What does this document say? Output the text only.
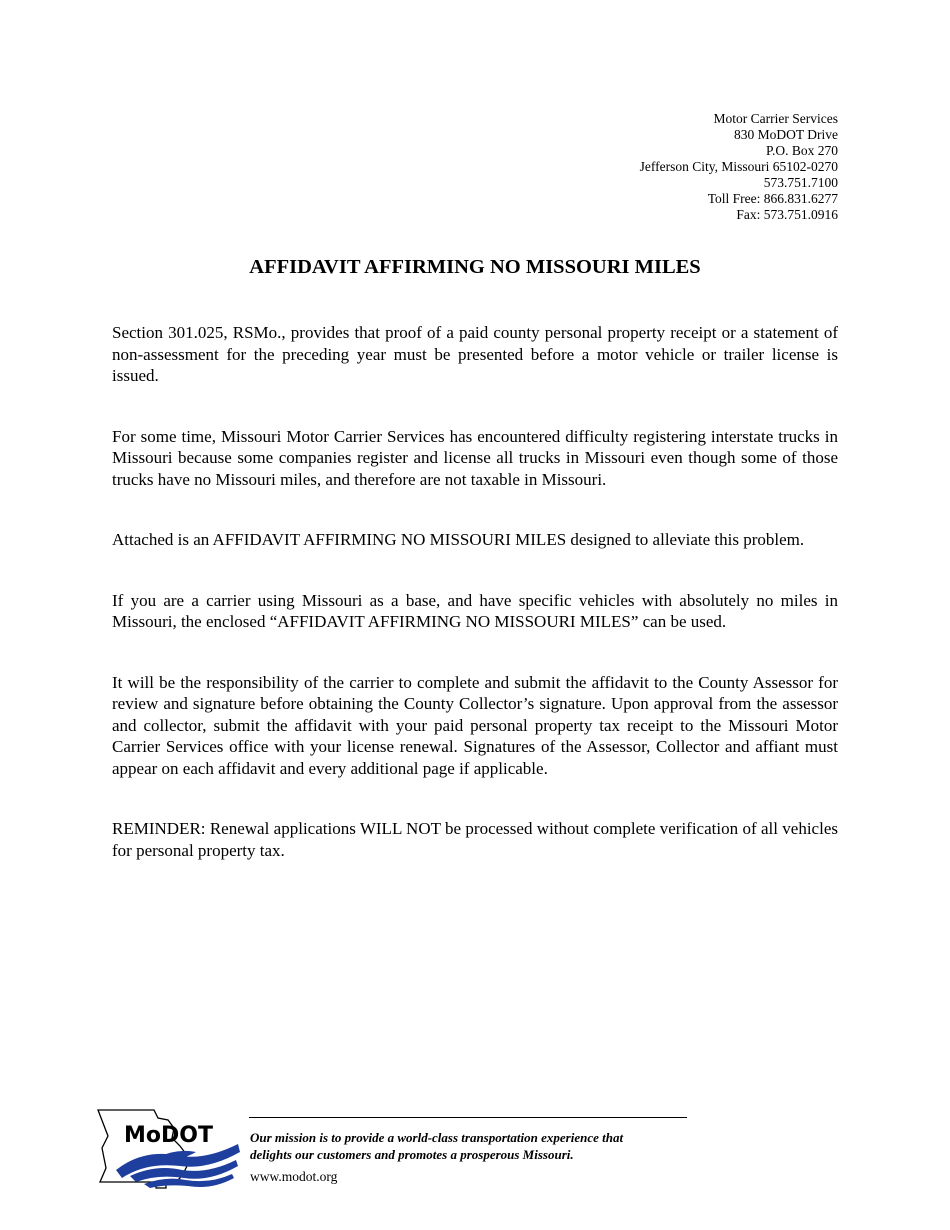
Motor Carrier Services
830 MoDOT Drive
P.O. Box 270
Jefferson City, Missouri 65102-0270
573.751.7100
Toll Free: 866.831.6277
Fax: 573.751.0916
AFFIDAVIT AFFIRMING NO MISSOURI MILES

Section 301.025, RSMo., provides that proof of a paid county personal property receipt or a statement of non-assessment for the preceding year must be presented before a motor vehicle or trailer license is issued.

For some time, Missouri Motor Carrier Services has encountered difficulty registering interstate trucks in Missouri because some companies register and license all trucks in Missouri even though some of those trucks have no Missouri miles, and therefore are not taxable in Missouri.

Attached is an AFFIDAVIT AFFIRMING NO MISSOURI MILES designed to alleviate this problem.

If you are a carrier using Missouri as a base, and have specific vehicles with absolutely no miles in Missouri, the enclosed “AFFIDAVIT AFFIRMING NO MISSOURI MILES” can be used.

It will be the responsibility of the carrier to complete and submit the affidavit to the County Assessor for review and signature before obtaining the County Collector’s signature. Upon approval from the assessor and collector, submit the affidavit with your paid personal property tax receipt to the Missouri Motor Carrier Services office with your license renewal. Signatures of the Assessor, Collector and affiant must appear on each affidavit and every additional page if applicable.

REMINDER: Renewal applications WILL NOT be processed without complete verification of all vehicles for personal property tax.

MoDOT	Our mission is to provide a world-class transportation experience that
delights our customers and promotes a prosperous Missouri.
www.modot.org
